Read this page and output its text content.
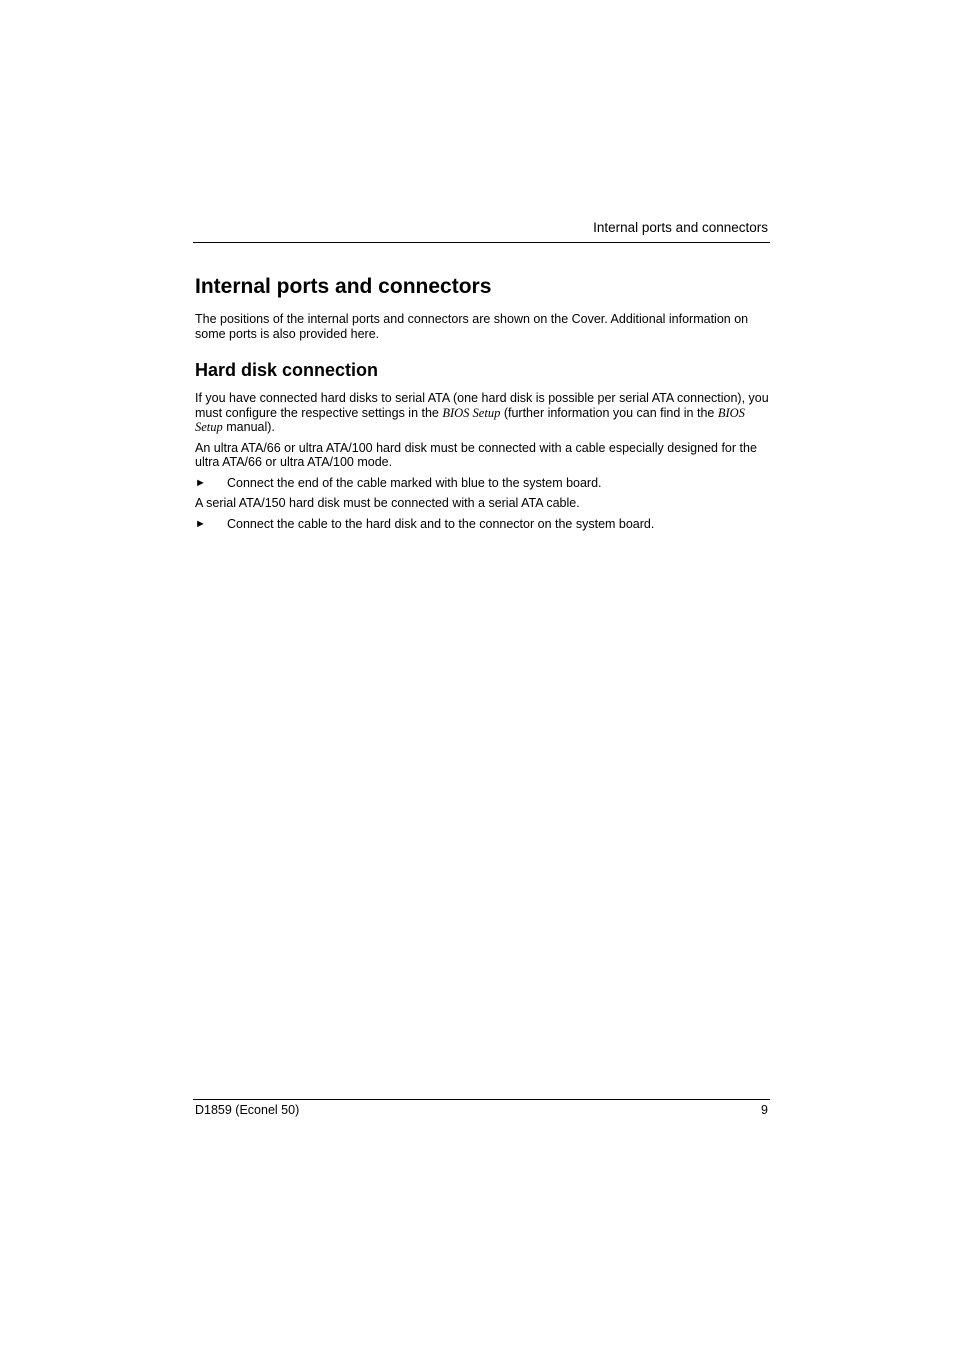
Internal ports and connectors
Internal ports and connectors

The positions of the internal ports and connectors are shown on the Cover. Additional information on some ports is also provided here.

Hard disk connection

If you have connected hard disks to serial ATA (one hard disk is possible per serial ATA connection), you must configure the respective settings in the BIOS Setup (further information you can find in the BIOS Setup manual).

An ultra ATA/66 or ultra ATA/100 hard disk must be connected with a cable especially designed for the ultra ATA/66 or ultra ATA/100 mode.

► Connect the end of the cable marked with blue to the system board.

A serial ATA/150 hard disk must be connected with a serial ATA cable.

► Connect the cable to the hard disk and to the connector on the system board.
D1859 (Econel 50)	9
